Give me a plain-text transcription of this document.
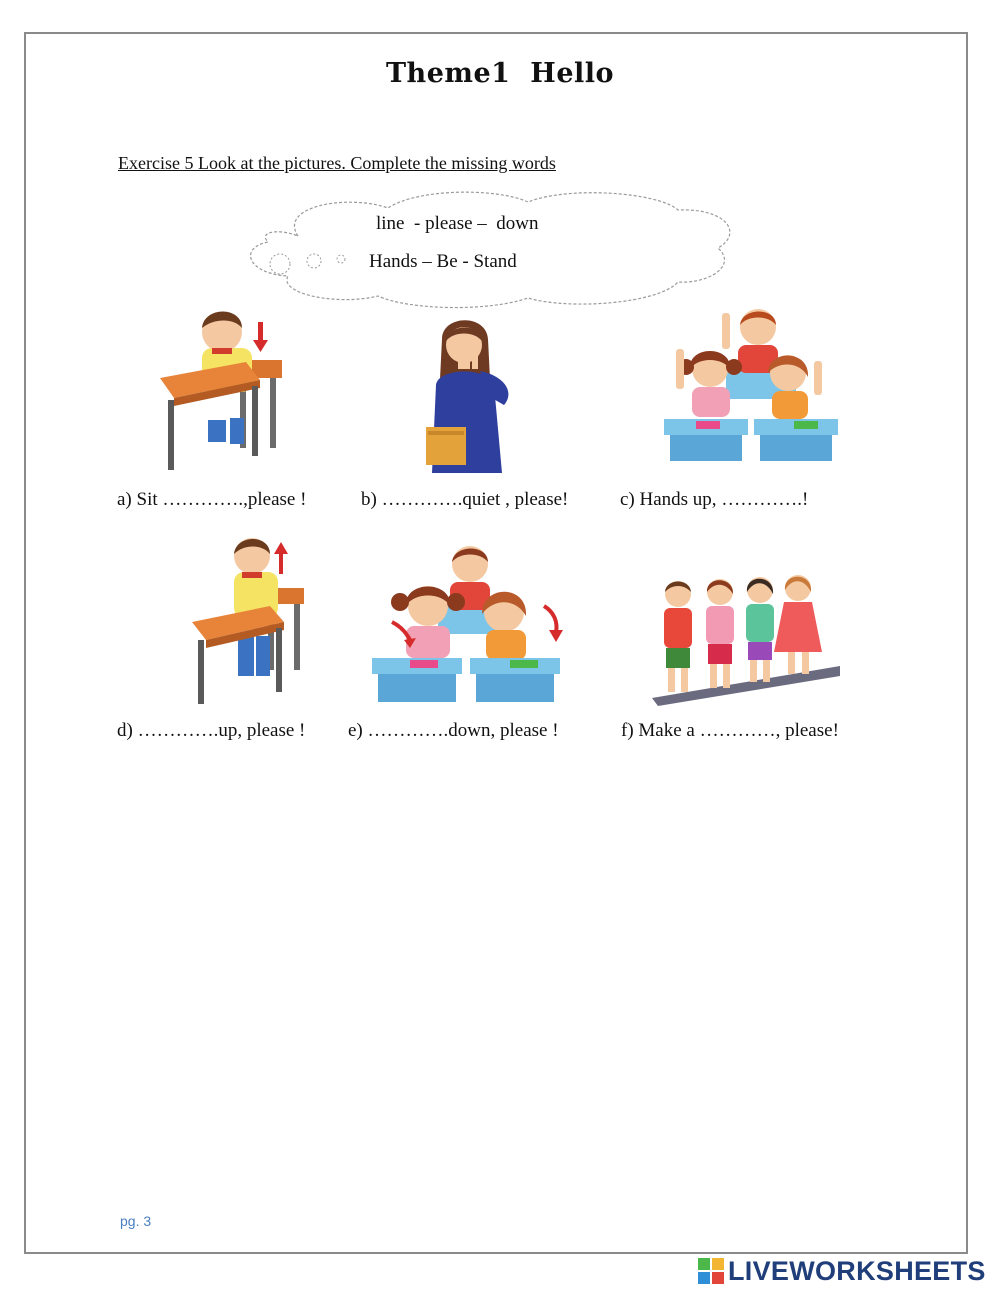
Theme1 Hello
Exercise 5 Look at the pictures. Complete the missing words
line  - please –  down
Hands – Be - Stand
a) Sit ………….,please !	b) ………….quiet , please!	c) Hands up, ………….!
d) ………….up, please ! e) ………….down, please !	f) Make a …………, please!
pg. 3
LIVEWORKSHEETS
